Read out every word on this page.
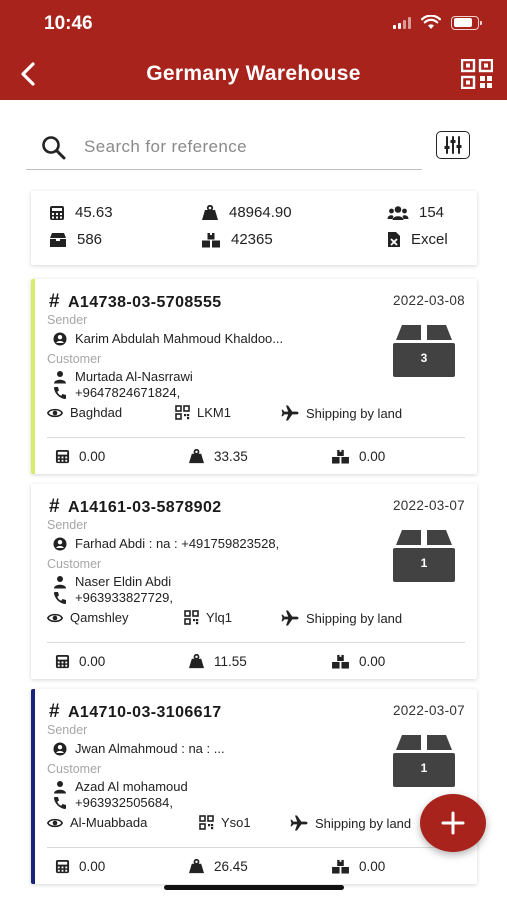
10:46
Germany Warehouse
Search for reference
45.63	48964.90	154
586	42365	Excel
# A14738-03-5708555	2022-03-08
Sender
Karim Abdulah Mahmoud Khaldoo...
Customer
Murtada Al-Nasrrawi
+9647824671824,
3
Baghdad	LKM1	Shipping by land
0.00	33.35	0.00
# A14161-03-5878902	2022-03-07
Sender
Farhad Abdi : na : +491759823528,
Customer
Naser Eldin Abdi
+963933827729,
1
Qamshley	Ylq1	Shipping by land
0.00	11.55	0.00
# A14710-03-3106617	2022-03-07
Sender
Jwan Almahmoud : na : ...
Customer
Azad Al mohamoud
+963932505684,
1
Al-Muabbada	Yso1	Shipping by land
0.00	26.45	0.00
